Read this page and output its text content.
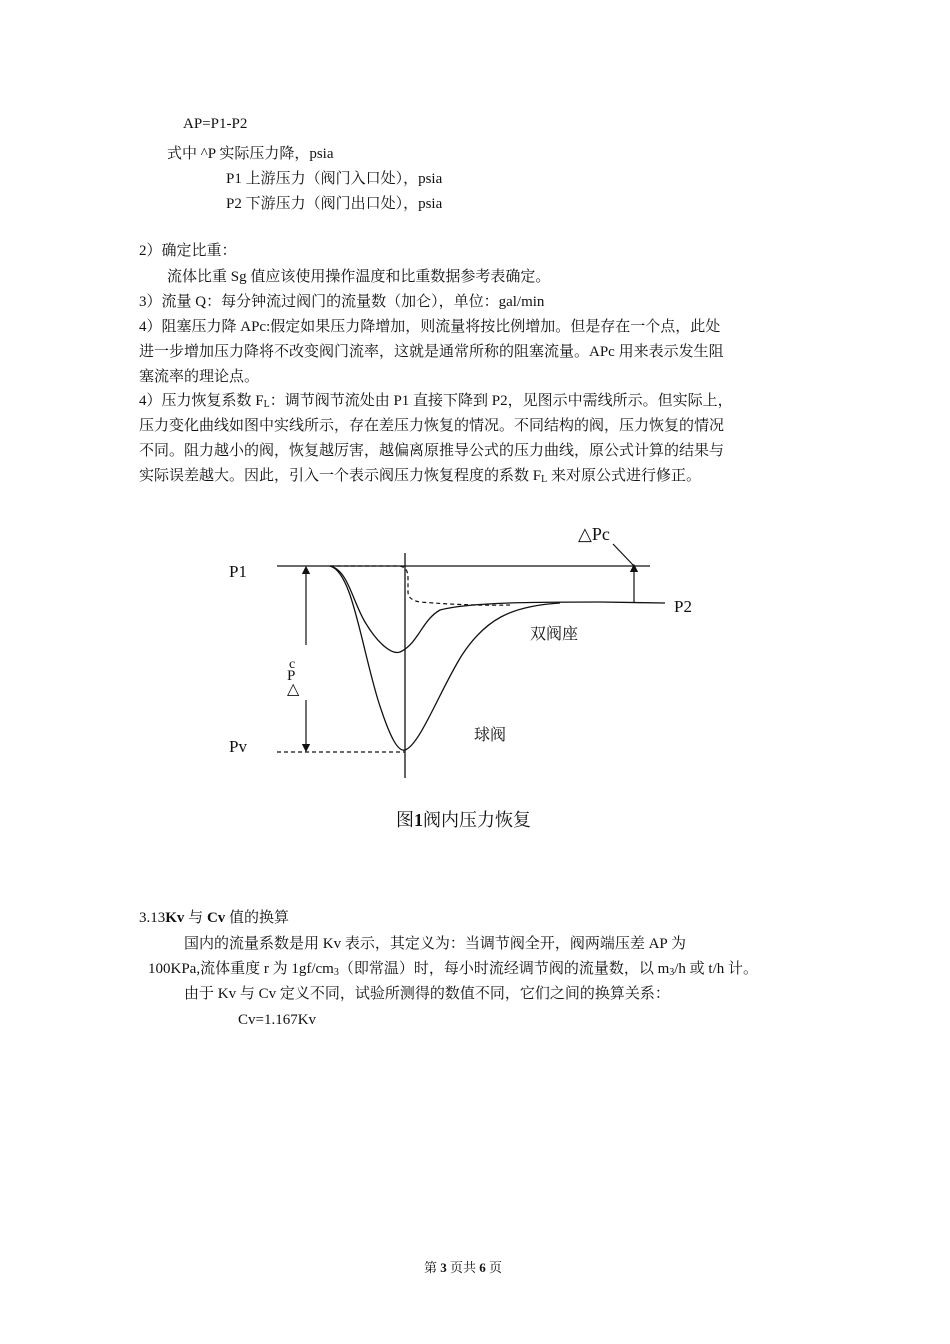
AP=P1-P2
式中 ^P 实际压力降，psia
P1 上游压力（阀门入口处），psia
P2 下游压力（阀门出口处），psia
2）确定比重：
流体比重 Sg 值应该使用操作温度和比重数据参考表确定。
3）流量 Q：每分钟流过阀门的流量数（加仑），单位：gal/min
4）阻塞压力降 APc:假定如果压力降增加，则流量将按比例增加。但是存在一个点，此处
进一步增加压力降将不改变阀门流率，这就是通常所称的阻塞流量。APc 用来表示发生阻
塞流率的理论点。
4）压力恢复系数 $F_L$：调节阀节流处由 P1 直接下降到 P2，见图示中需线所示。但实际上，
压力变化曲线如图中实线所示，存在差压力恢复的情况。不同结构的阀，压力恢复的情况
不同。阻力越小的阀，恢复越厉害，越偏离原推导公式的压力曲线，原公式计算的结果与
实际误差越大。因此，引入一个表示阀压力恢复程度的系数 $F_L$ 来对原公式进行修正。
△Pc
P1
P2
Pv
c
P
△
双阀座
球阀
图1阀内压力恢复
3.13Kv 与 Cv 值的换算
国内的流量系数是用 Kv 表示，其定义为：当调节阀全开，阀两端压差 AP 为
100KPa,流体重度 r 为 $1gf/cm_3$（即常温）时，每小时流经调节阀的流量数，以 $m_3/h$ 或 t/h 计。
由于 Kv 与 Cv 定义不同，试验所测得的数值不同，它们之间的换算关系：
Cv=1.167Kv
第 3 页共 6 页
